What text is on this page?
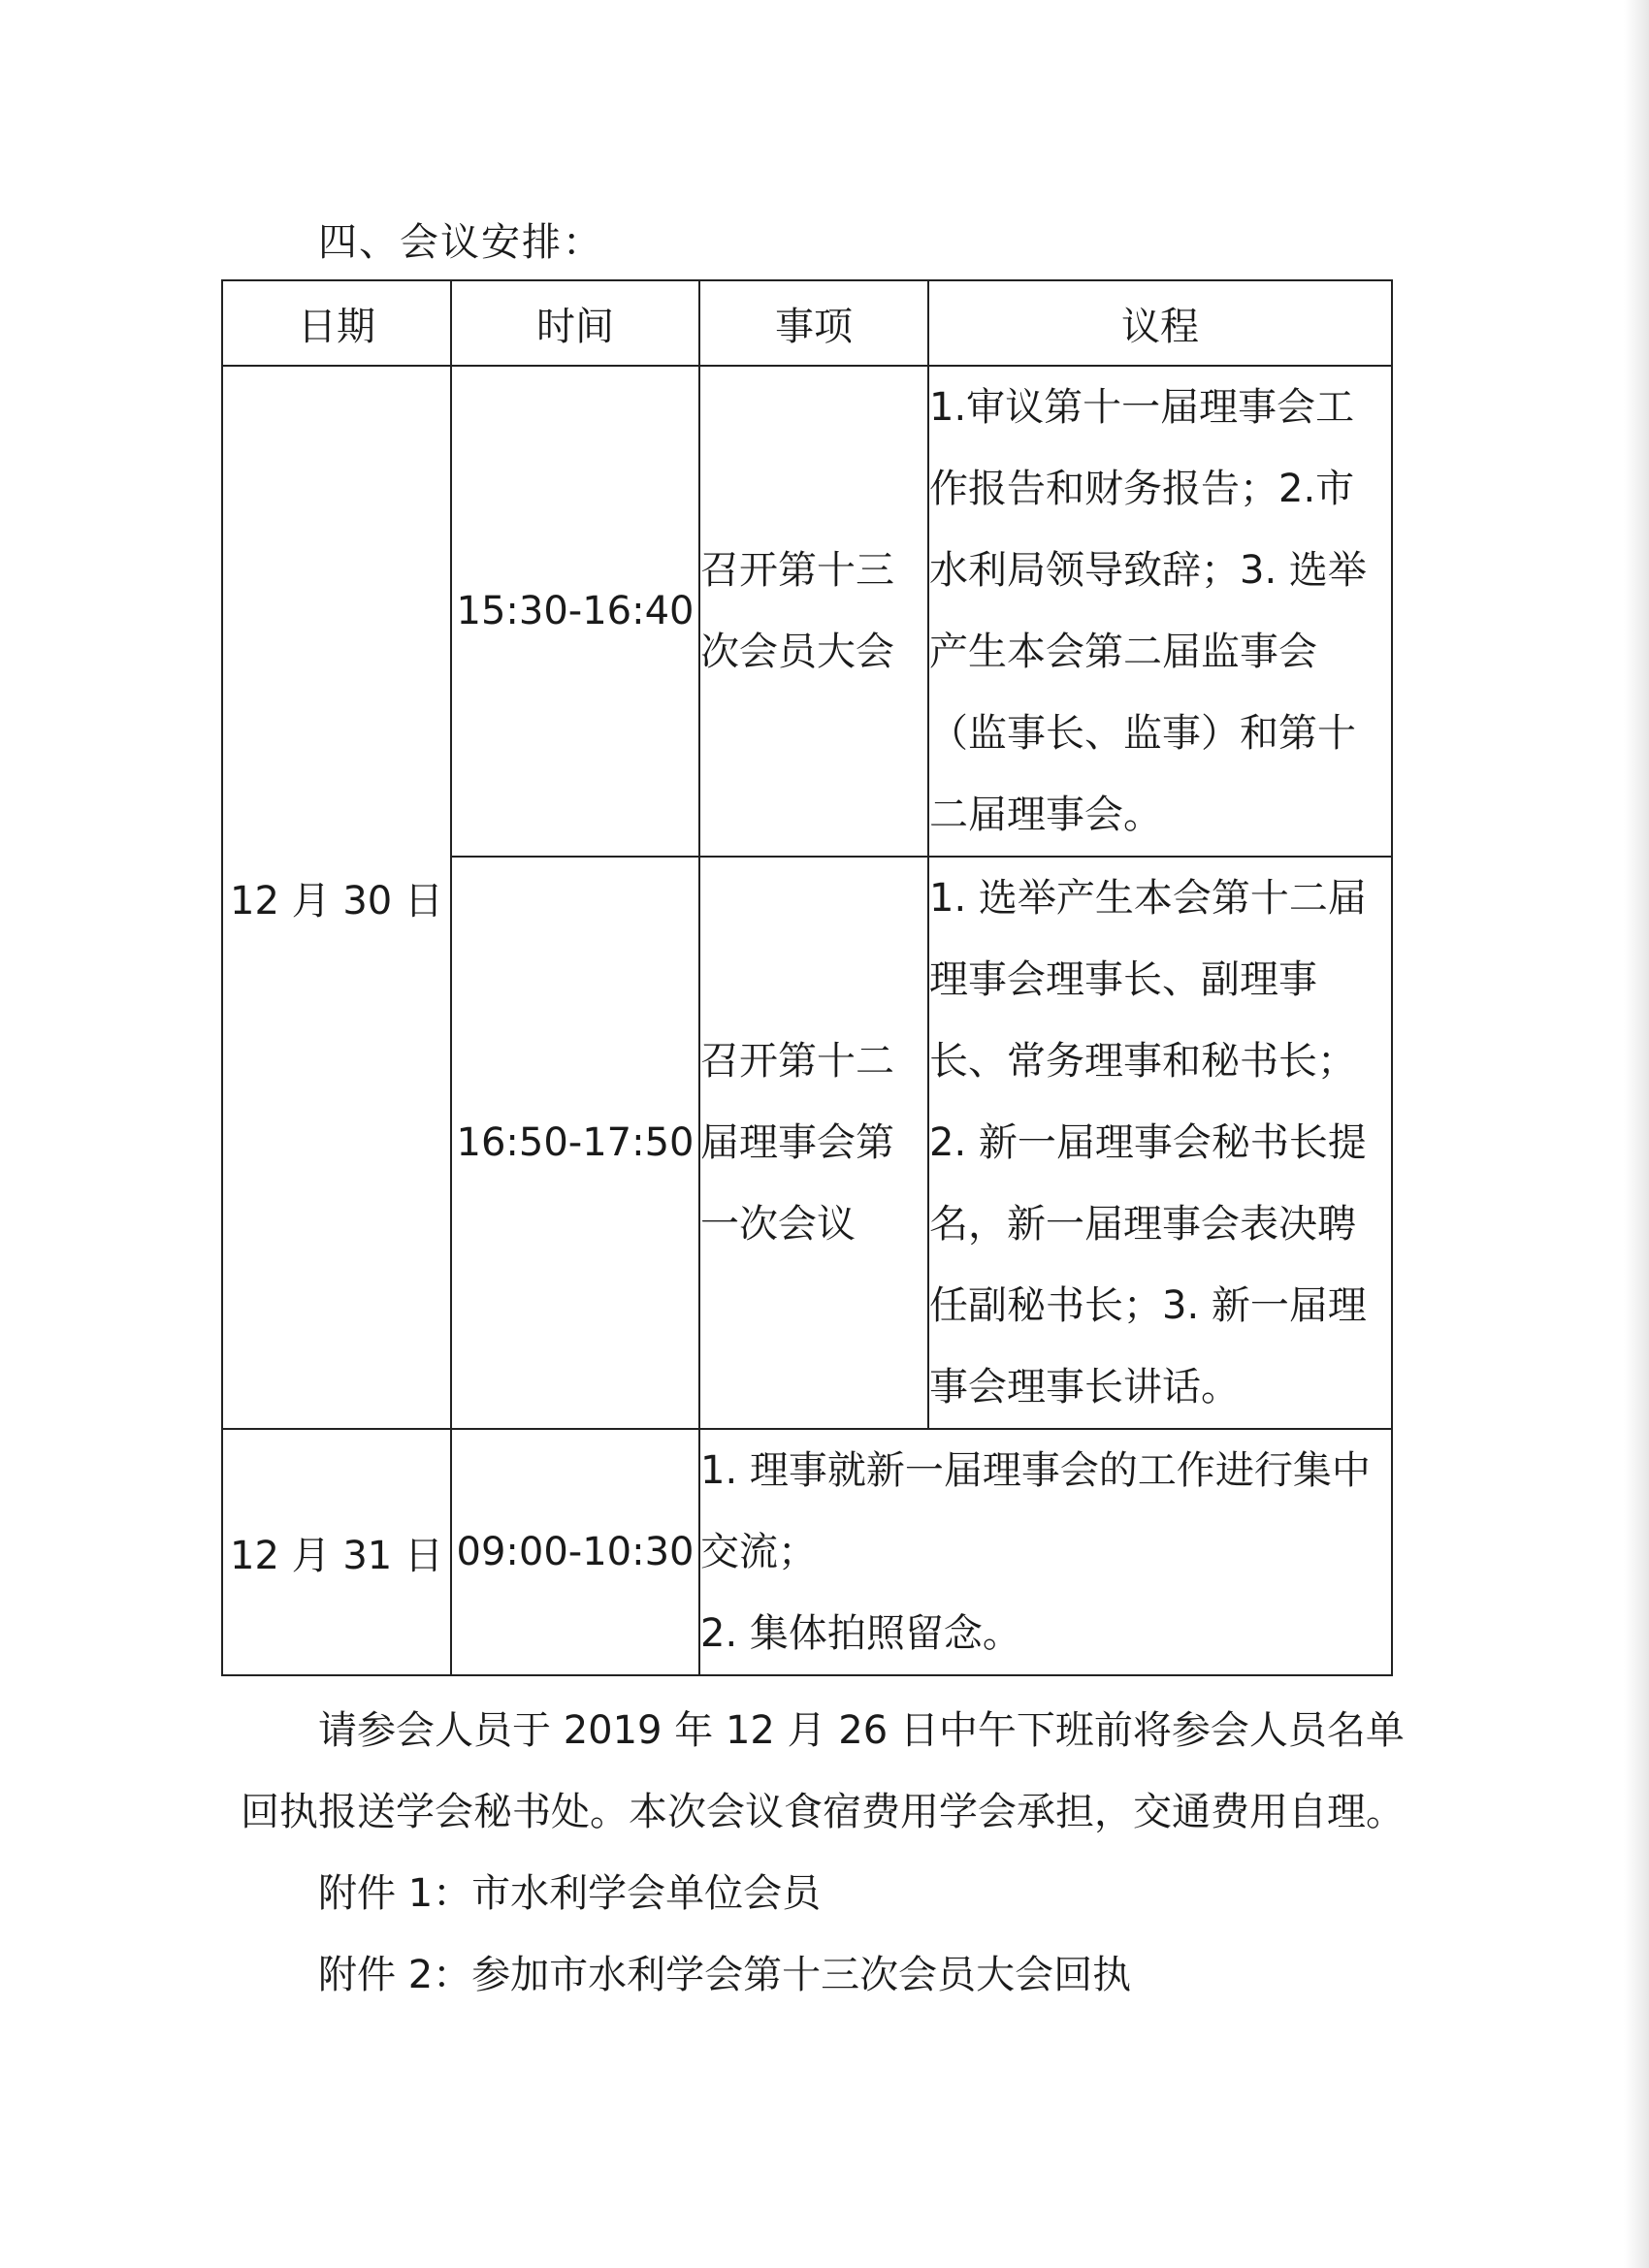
四、会议安排：
日期	时间	事项	议程
12 月 30 日	15:30-16:40	召开第十三次会员大会	1.审议第十一届理事会工作报告和财务报告；2.市水利局领导致辞；3. 选举产生本会第二届监事会（监事长、监事）和第十二届理事会。
	16:50-17:50	召开第十二届理事会第一次会议	1. 选举产生本会第十二届理事会理事长、副理事长、常务理事和秘书长；2. 新一届理事会秘书长提名，新一届理事会表决聘任副秘书长；3. 新一届理事会理事长讲话。
12 月 31 日	09:00-10:30	1. 理事就新一届理事会的工作进行集中交流；
2. 集体拍照留念。	
请参会人员于 2019 年 12 月 26 日中午下班前将参会人员名单
回执报送学会秘书处。本次会议食宿费用学会承担，交通费用自理。
附件 1：市水利学会单位会员
附件 2：参加市水利学会第十三次会员大会回执
